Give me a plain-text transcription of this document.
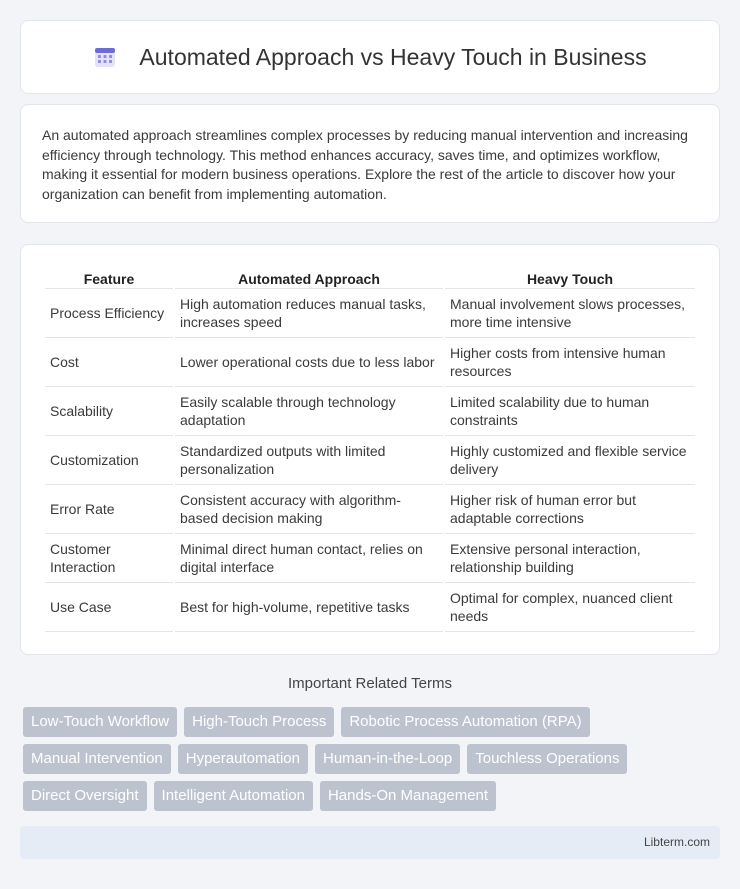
Automated Approach vs Heavy Touch in Business

An automated approach streamlines complex processes by reducing manual intervention and increasing efficiency through technology. This method enhances accuracy, saves time, and optimizes workflow, making it essential for modern business operations. Explore the rest of the article to discover how your organization can benefit from implementing automation.

Feature	Automated Approach	Heavy Touch
Process Efficiency	High automation reduces manual tasks, increases speed	Manual involvement slows processes, more time intensive
Cost	Lower operational costs due to less labor	Higher costs from intensive human resources
Scalability	Easily scalable through technology adaptation	Limited scalability due to human constraints
Customization	Standardized outputs with limited personalization	Highly customized and flexible service delivery
Error Rate	Consistent accuracy with algorithm-based decision making	Higher risk of human error but adaptable corrections
Customer Interaction	Minimal direct human contact, relies on digital interface	Extensive personal interaction, relationship building
Use Case	Best for high-volume, repetitive tasks	Optimal for complex, nuanced client needs
Important Related Terms
Low-Touch Workflow	High-Touch Process	Robotic Process Automation (RPA)
Manual Intervention	Hyperautomation	Human-in-the-Loop	Touchless Operations
Direct Oversight	Intelligent Automation	Hands-On Management
Libterm.com
